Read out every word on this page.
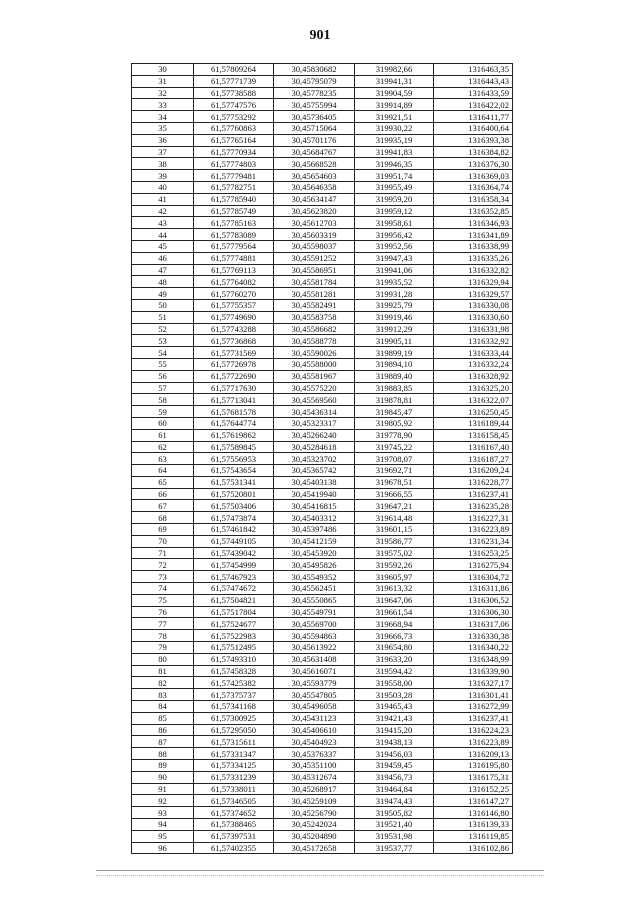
901
30	61,57809264	30,45830682	319982,66	1316463,35
31	61,57771739	30,45795079	319941,31	1316443,43
32	61,57738588	30,45778235	319904,59	1316433,59
33	61,57747576	30,45755994	319914,89	1316422,02
34	61,57753292	30,45736405	319921,51	1316411,77
35	61,57760863	30,45715064	319930,22	1316400,64
36	61,57765164	30,45701176	319935,19	1316393,38
37	61,57770934	30,45684767	319941,83	1316384,82
38	61,57774803	30,45668528	319946,35	1316376,30
39	61,57779481	30,45654603	319951,74	1316369,03
40	61,57782751	30,45646358	319955,49	1316364,74
41	61,57785940	30,45634147	319959,20	1316358,34
42	61,57785749	30,45623820	319959,12	1316352,85
43	61,57785163	30,45612703	319958,61	1316346,93
44	61,57783089	30,45603319	319956,42	1316341,89
45	61,57779564	30,45598037	319952,56	1316338,99
46	61,57774881	30,45591252	319947,43	1316335,26
47	61,57769113	30,45586951	319941,06	1316332,82
48	61,57764082	30,45581784	319935,52	1316329,94
49	61,57760270	30,45581281	319931,28	1316329,57
50	61,57755357	30,45582491	319925,79	1316330,08
51	61,57749690	30,45583758	319919,46	1316330,60
52	61,57743288	30,45586682	319912,29	1316331,98
53	61,57736868	30,45588778	319905,11	1316332,92
54	61,57731569	30,45590026	319899,19	1316333,44
55	61,57726978	30,45588000	319894,10	1316332,24
56	61,57722690	30,45581967	319889,40	1316328,92
57	61,57717630	30,45575220	319883,85	1316325,20
58	61,57713041	30,45569560	319878,81	1316322,07
59	61,57681578	30,45436314	319845,47	1316250,45
60	61,57644774	30,45323317	319805,92	1316189,44
61	61,57619862	30,45266240	319778,90	1316158,45
62	61,57589845	30,45284618	319745,22	1316167,40
63	61,57556953	30,45323702	319708,07	1316187,27
64	61,57543654	30,45365742	319692,71	1316209,24
65	61,57531341	30,45403138	319678,51	1316228,77
66	61,57520801	30,45419940	319666,55	1316237,41
67	61,57503406	30,45416815	319647,21	1316235,28
68	61,57473874	30,45403312	319614,48	1316227,31
69	61,57461842	30,45397486	319601,15	1316223,89
70	61,57449105	30,45412159	319586,77	1316231,34
71	61,57439042	30,45453920	319575,02	1316253,25
72	61,57454999	30,45495826	319592,26	1316275,94
73	61,57467923	30,45549352	319605,97	1316304,72
74	61,57474672	30,45562451	319613,32	1316311,86
75	61,57504821	30,45550865	319647,06	1316306,52
76	61,57517804	30,45549791	319661,54	1316306,30
77	61,57524677	30,45569700	319668,94	1316317,06
78	61,57522983	30,45594863	319666,73	1316330,38
79	61,57512495	30,45613922	319654,80	1316340,22
80	61,57493310	30,45631408	319633,20	1316348,99
81	61,57458328	30,45616071	319594,42	1316339,90
82	61,57425382	30,45593779	319558,00	1316327,17
83	61,57375737	30,45547805	319503,28	1316301,41
84	61,57341168	30,45496058	319465,43	1316272,99
85	61,57300925	30,45431123	319421,43	1316237,41
86	61,57295050	30,45406610	319415,20	1316224,23
87	61,57315611	30,45404923	319438,13	1316223,89
88	61,57331347	30,45376337	319456,03	1316209,13
89	61,57334125	30,45351100	319459,45	1316195,80
90	61,57331239	30,45312674	319456,73	1316175,31
91	61,57338011	30,45268917	319464,84	1316152,25
92	61,57346505	30,45259109	319474,43	1316147,27
93	61,57374652	30,45256790	319505,82	1316146,80
94	61,57388465	30,45242024	319521,40	1316139,33
95	61,57397531	30,45204890	319531,98	1316119,85
96	61,57402355	30,45172658	319537,77	1316102,86
